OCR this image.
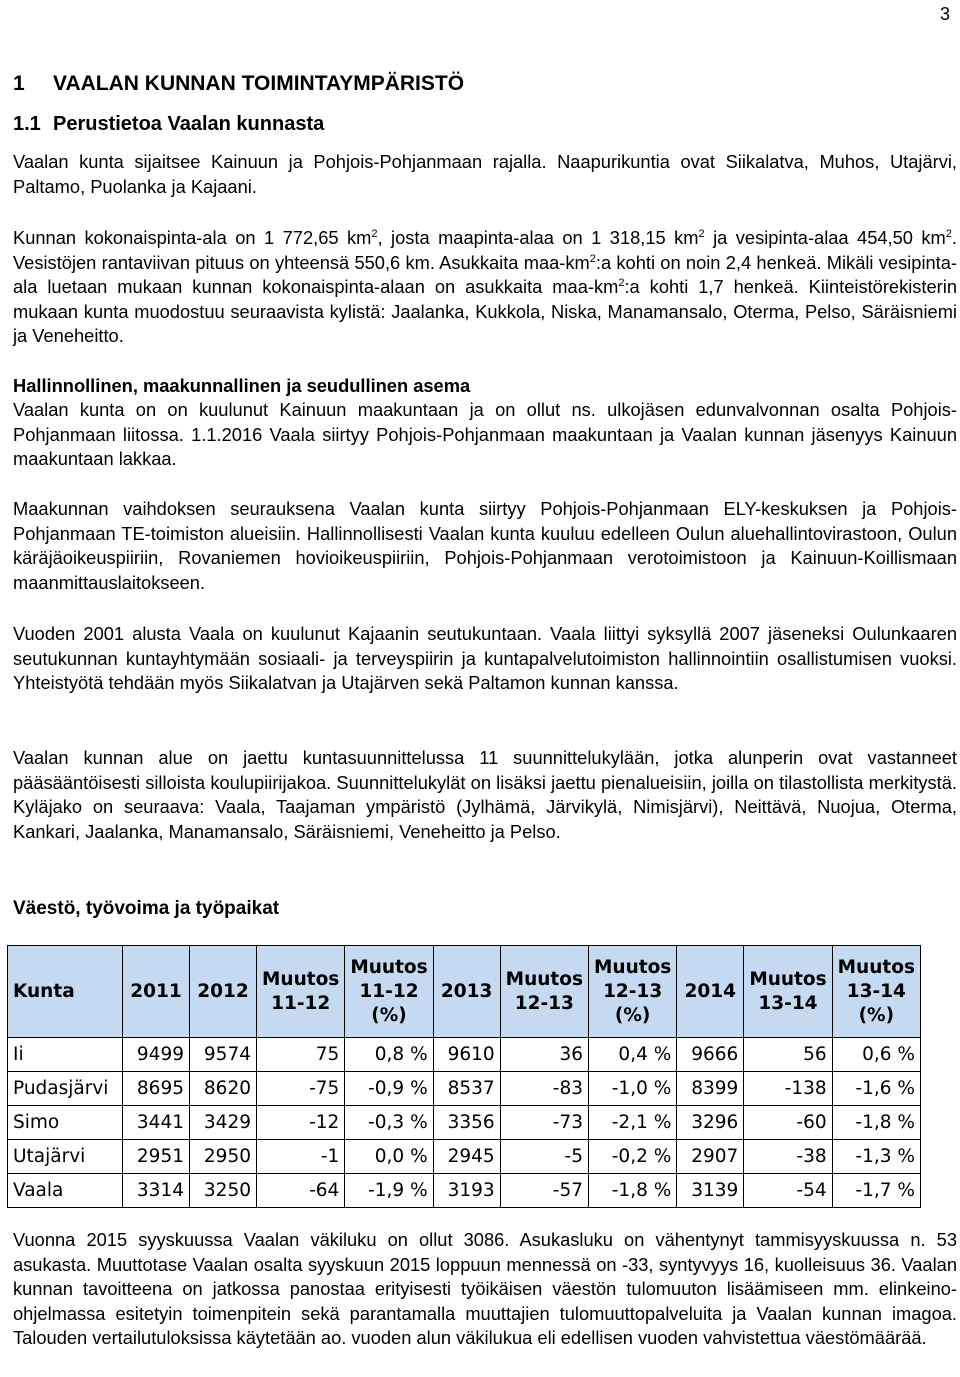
3
1 VAALAN KUNNAN TOIMINTAYMPÄRISTÖ
1.1 Perustietoa Vaalan kunnasta

Vaalan kunta sijaitsee Kainuun ja Pohjois-Pohjanmaan rajalla. Naapurikuntia ovat Siikalatva, Muhos, Utajärvi, Paltamo, Puolanka ja Kajaani.

Kunnan kokonaispinta-ala on 1 772,65 $km^2$, josta maapinta-alaa on 1 318,15 $km^2$ ja vesipinta-alaa 454,50 $km^2$. Vesistöjen rantaviivan pituus on yhteensä 550,6 km. Asukkaita maa-$km^2:a$ kohti on noin 2,4 henkeä. Mikäli vesipinta-ala luetaan mukaan kunnan kokonaispinta-alaan on asukkaita maa-$km^2:a$ kohti 1,7 henkeä. Kiinteistörekisterin mukaan kunta muodostuu seuraavista kylistä: Jaalanka, Kukkola, Niska, Manamansalo, Oterma, Pelso, Säräisniemi ja Veneheitto.

Hallinnollinen, maakunnallinen ja seudullinen asema

Vaalan kunta on on kuulunut Kainuun maakuntaan ja on ollut ns. ulkojäsen edunvalvonnan osalta Pohjois-Pohjanmaan liitossa. 1.1.2016 Vaala siirtyy Pohjois-Pohjanmaan maakuntaan ja Vaalan kunnan jäsenyys Kainuun maakuntaan lakkaa.

Maakunnan vaihdoksen seurauksena Vaalan kunta siirtyy Pohjois-Pohjanmaan ELY-keskuksen ja Pohjois-Pohjanmaan TE-toimiston alueisiin. Hallinnollisesti Vaalan kunta kuuluu edelleen Oulun aluehallintovirastoon, Oulun käräjäoikeuspiiriin, Rovaniemen hovioikeuspiiriin, Pohjois-Pohjanmaan verotoimistoon ja Kainuun-Koillismaan maanmittauslaitokseen.

Vuoden 2001 alusta Vaala on kuulunut Kajaanin seutukuntaan. Vaala liittyi syksyllä 2007 jäseneksi Oulunkaaren seutukunnan kuntayhtymään sosiaali- ja terveyspiirin ja kuntapalvelutoimiston hallinnointiin osallistumisen vuoksi. Yhteistyötä tehdään myös Siikalatvan ja Utajärven sekä Paltamon kunnan kanssa.

Vaalan kunnan alue on jaettu kuntasuunnittelussa 11 suunnittelukylään, jotka alunperin ovat vastanneet pääsääntöisesti silloista koulupiirijakoa. Suunnittelukylät on lisäksi jaettu pienalueisiin, joilla on tilastollista merkitystä. Kyläjako on seuraava: Vaala, Taajaman ympäristö (Jylhämä, Järvikylä, Nimisjärvi), Neittävä, Nuojua, Oterma, Kankari, Jaalanka, Manamansalo, Säräisniemi, Veneheitto ja Pelso.

Väestö, työvoima ja työpaikat
Kunta	2011	2012	Muutos 11-12	Muutos 11-12 (%)	2013	Muutos 12-13	Muutos 12-13 (%)	2014	Muutos 13-14	Muutos 13-14 (%)
Ii	9499	9574	75	0,8 %	9610	36	0,4 %	9666	56	0,6 %
Pudasjärvi	8695	8620	-75	-0,9 %	8537	-83	-1,0 %	8399	-138	-1,6 %
Simo	3441	3429	-12	-0,3 %	3356	-73	-2,1 %	3296	-60	-1,8 %
Utajärvi	2951	2950	-1	0,0 %	2945	-5	-0,2 %	2907	-38	-1,3 %
Vaala	3314	3250	-64	-1,9 %	3193	-57	-1,8 %	3139	-54	-1,7 %

Vuonna 2015 syyskuussa Vaalan väkiluku on ollut 3086. Asukasluku on vähentynyt tammisyyskuussa n. 53 asukasta. Muuttotase Vaalan osalta syyskuun 2015 loppuun mennessä on -33, syntyvyys 16, kuolleisuus 36. Vaalan kunnan tavoitteena on jatkossa panostaa erityisesti työikäisen väestön tulomuuton lisäämiseen mm. elinkeino-ohjelmassa esitetyin toimenpitein sekä parantamalla muuttajien tulomuuttopalveluita ja Vaalan kunnan imagoa. Talouden vertailutuloksissa käytetään ao. vuoden alun väkilukua eli edellisen vuoden vahvistettua väestömäärää.
